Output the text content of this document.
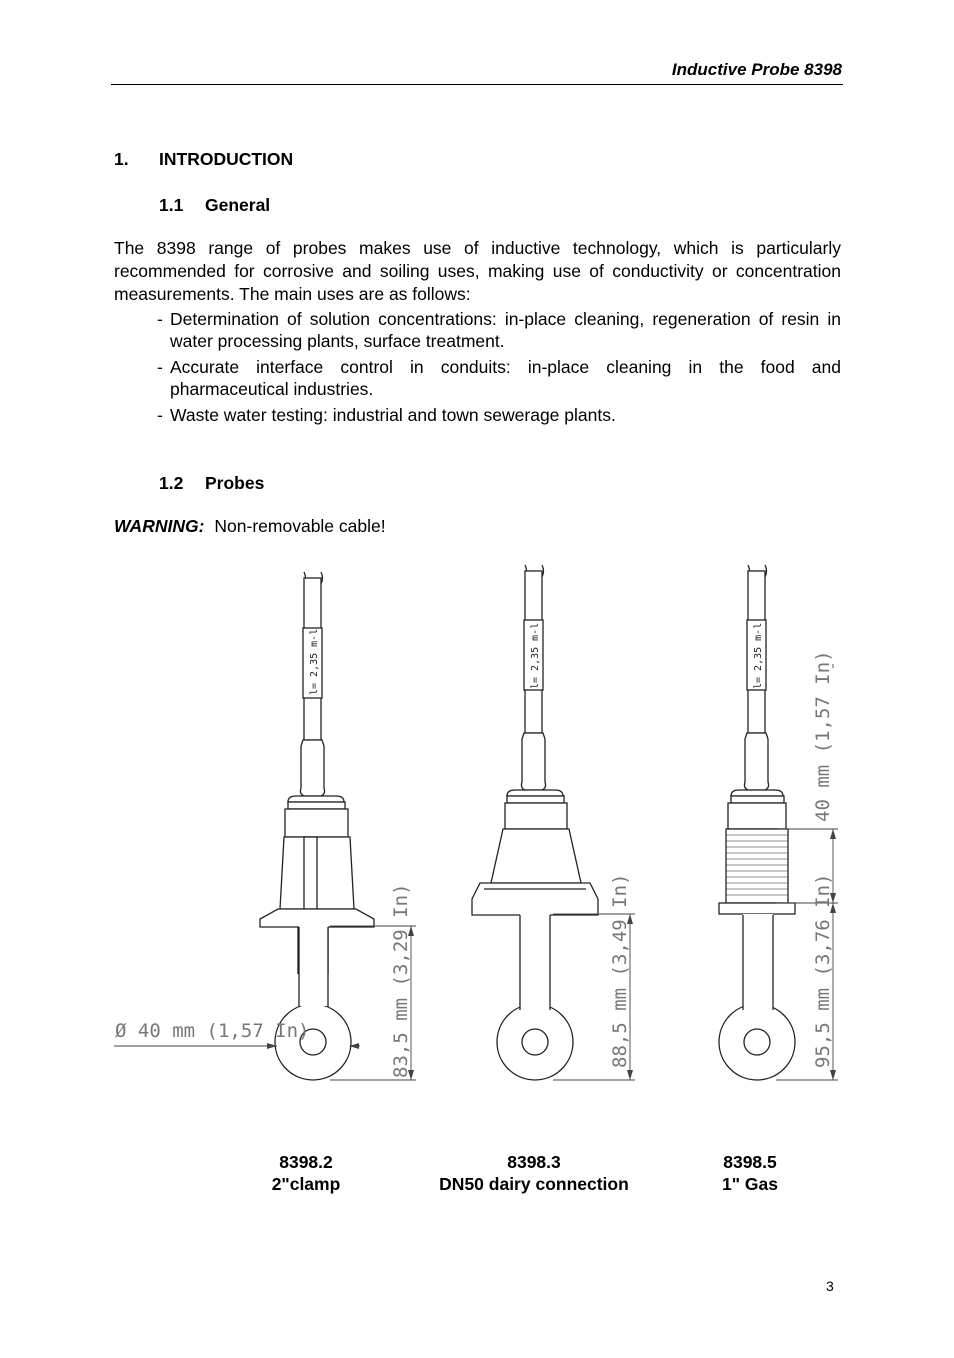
Inductive Probe 8398
1. INTRODUCTION
1.1 General
The 8398 range of probes makes use of inductive technology, which is particularly recommended for corrosive and soiling uses, making use of conductivity or concentration measurements. The main uses are as follows:
- Determination of solution concentrations: in-place cleaning, regeneration of resin in water processing plants, surface treatment.
- Accurate interface control in conduits: in-place cleaning in the food and pharmaceutical industries.
- Waste water testing: industrial and town sewerage plants.
1.2 Probes
WARNING: Non-removable cable!
l= 2,35 m-l	l= 2,35 m-l	l= 2,35 m-l
Ø 40 mm (1,57 In)	83,5 mm (3,29 In)	88,5 mm (3,49 In)
40 mm (1,57 In)
95,5 mm (3,76 In)
8398.2
2"clamp
8398.3
DN50 dairy connection
8398.5
1" Gas
3
